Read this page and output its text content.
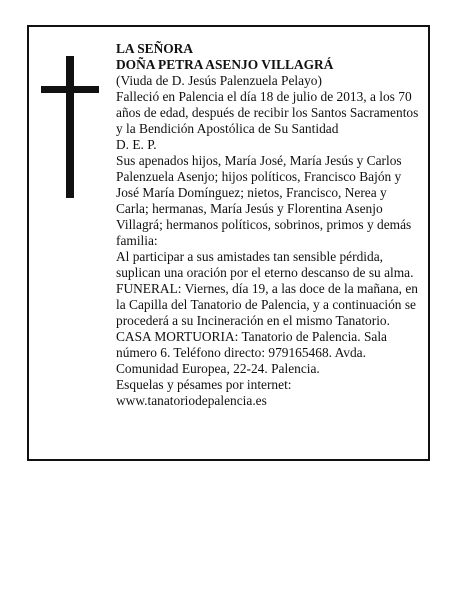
LA SEÑORA

DOÑA PETRA ASENJO VILLAGRÁ

(Viuda de D. Jesús Palenzuela Pelayo)

Falleció en Palencia el día 18 de julio de 2013, a los 70 años de edad, después de recibir los Santos Sacramentos y la Bendición Apostólica de Su Santidad

D. E. P.

Sus apenados hijos, María José, María Jesús y Carlos Palenzuela Asenjo; hijos políticos, Francisco Bajón y José María Domínguez; nietos, Francisco, Nerea y Carla; hermanas, María Jesús y Florentina Asenjo Villagrá; hermanos políticos, sobrinos, primos y demás familia:

Al participar a sus amistades tan sensible pérdida, suplican una oración por el eterno descanso de su alma.

FUNERAL: Viernes, día 19, a las doce de la mañana, en la Capilla del Tanatorio de Palencia, y a continuación se procederá a su Incineración en el mismo Tanatorio.

CASA MORTUORIA: Tanatorio de Palencia. Sala número 6. Teléfono directo: 979165468. Avda. Comunidad Europea, 22-24. Palencia.

Esquelas y pésames por internet:

www.tanatoriodepalencia.es
